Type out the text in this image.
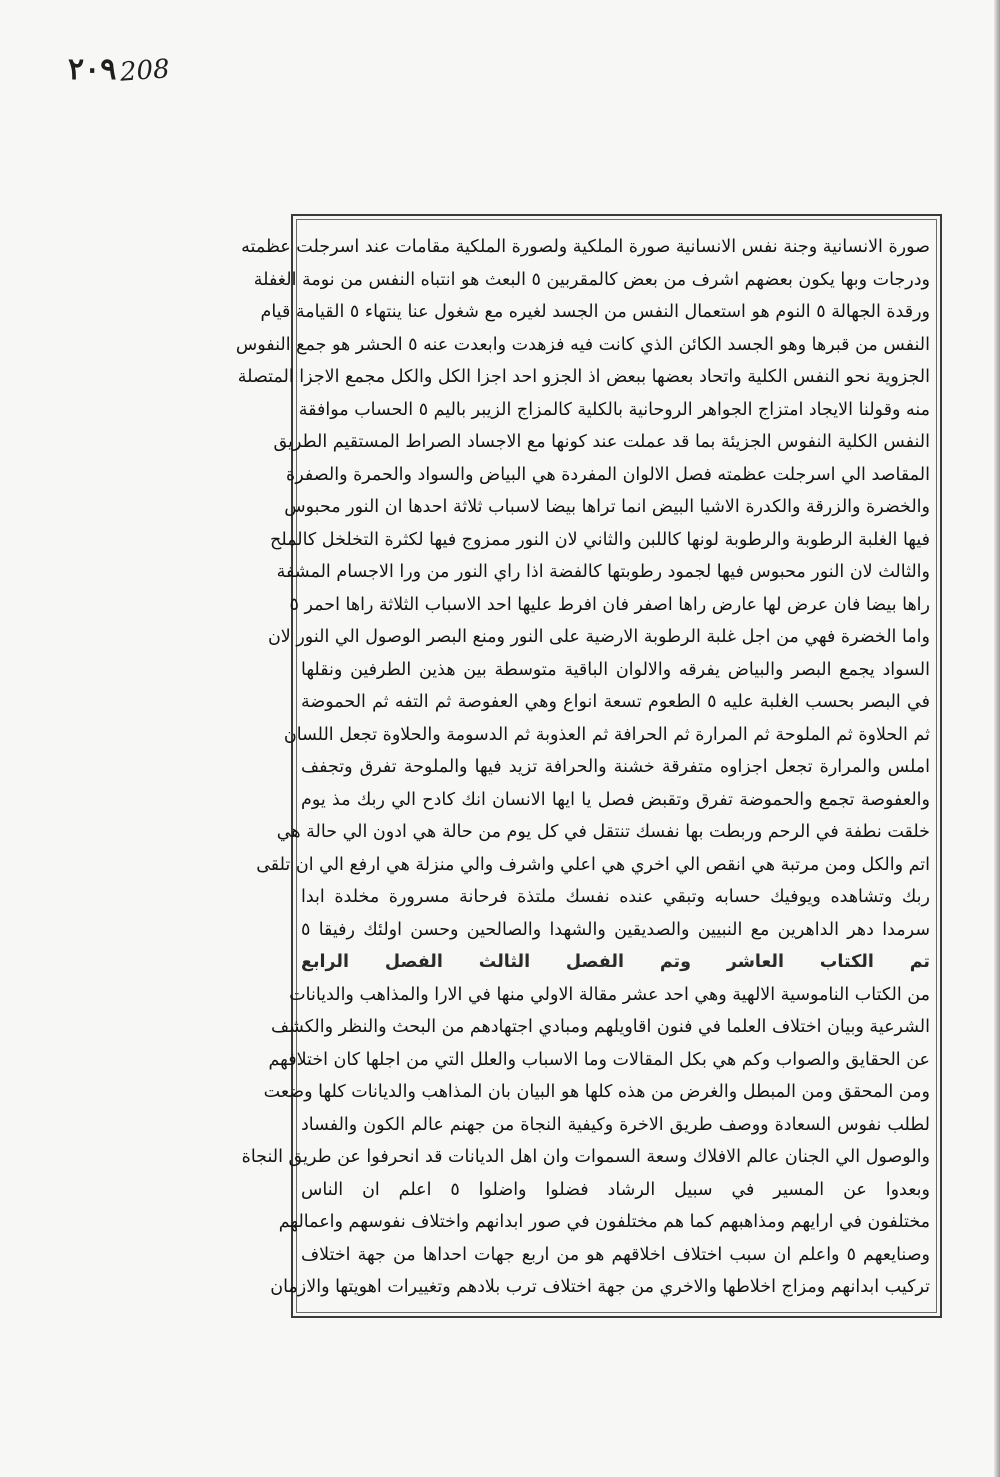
٢٠٩ 208
صورة الانسانية وجنة نفس الانسانية صورة الملكية ولصورة الملكية مقامات عند اسرجلت عظمته
ودرجات وبها يكون بعضهم اشرف من بعض كالمقربين ٥ البعث هو انتباه النفس من نومة الغفلة
ورقدة الجهالة ٥ النوم هو استعمال النفس من الجسد لغيره مع شغول عنا ينتهاء ٥ القيامة قيام
النفس من قبرها وهو الجسد الكائن الذي كانت فيه فزهدت وابعدت عنه ٥ الحشر هو جمع النفوس
الجزوية نحو النفس الكلية واتحاد بعضها ببعض اذ الجزو احد اجزا الكل والكل مجمع الاجزا المتصلة
منه وقولنا الايجاد امتزاج الجواهر الروحانية بالكلية كالمزاج الزيبر باليم ٥ الحساب موافقة
النفس الكلية النفوس الجزيئة بما قد عملت عند كونها مع الاجساد الصراط المستقيم الطريق
المقاصد الي اسرجلت عظمته فصل الالوان المفردة هي البياض والسواد والحمرة والصفرة
والخضرة والزرقة والكدرة الاشيا البيض انما تراها بيضا لاسباب ثلاثة احدها ان النور محبوس
فيها الغلبة الرطوبة والرطوبة لونها كاللبن والثاني لان النور ممزوج فيها لكثرة التخلخل كالملح
والثالث لان النور محبوس فيها لجمود رطوبتها كالفضة اذا راي النور من ورا الاجسام المشفة
راها بيضا فان عرض لها عارض راها اصفر فان افرط عليها احد الاسباب الثلاثة راها احمر ٥
واما الخضرة فهي من اجل غلبة الرطوبة الارضية على النور ومنع البصر الوصول الي النور لان
السواد يجمع البصر والبياض يفرقه والالوان الباقية متوسطة بين هذين الطرفين ونقلها
في البصر بحسب الغلبة عليه ٥ الطعوم تسعة انواع وهي العفوصة ثم التفه ثم الحموضة
ثم الحلاوة ثم الملوحة ثم المرارة ثم الحرافة ثم العذوبة ثم الدسومة والحلاوة تجعل اللسان
املس والمرارة تجعل اجزاوه متفرقة خشنة والحرافة تزيد فيها والملوحة تفرق وتجفف
والعفوصة تجمع والحموضة تفرق وتقبض فصل يا ايها الانسان انك كادح الي ربك مذ يوم
خلقت نطفة في الرحم وربطت بها نفسك تنتقل في كل يوم من حالة هي ادون الي حالة هي
اتم والكل ومن مرتبة هي انقص الي اخري هي اعلي واشرف والي منزلة هي ارفع الي ان تلقى
ربك وتشاهده ويوفيك حسابه وتبقي عنده نفسك ملتذة فرحانة مسرورة مخلدة ابدا
سرمدا دهر الداهرين مع النبيين والصديقين والشهدا والصالحين وحسن اولئك رفيقا ٥
تم الكتاب العاشر وتم الفصل الثالث الفصل الرابع
من الكتاب الناموسية الالهية وهي احد عشر مقالة الاولي منها في الارا والمذاهب والديانات
الشرعية وبيان اختلاف العلما في فنون اقاويلهم ومبادي اجتهادهم من البحث والنظر والكشف
عن الحقايق والصواب وكم هي بكل المقالات وما الاسباب والعلل التي من اجلها كان اختلافهم
ومن المحقق ومن المبطل والغرض من هذه كلها هو البيان بان المذاهب والديانات كلها وضعت
لطلب نفوس السعادة ووصف طريق الاخرة وكيفية النجاة من جهنم عالم الكون والفساد
والوصول الي الجنان عالم الافلاك وسعة السموات وان اهل الديانات قد انحرفوا عن طريق النجاة
وبعدوا عن المسير في سبيل الرشاد فضلوا واضلوا ٥ اعلم ان الناس
مختلفون في ارايهم ومذاهبهم كما هم مختلفون في صور ابدانهم واختلاف نفوسهم واعمالهم
وصنايعهم ٥ واعلم ان سبب اختلاف اخلاقهم هو من اربع جهات احداها من جهة اختلاف
تركيب ابدانهم ومزاج اخلاطها والاخري من جهة اختلاف ترب بلادهم وتغييرات اهويتها والازمان
